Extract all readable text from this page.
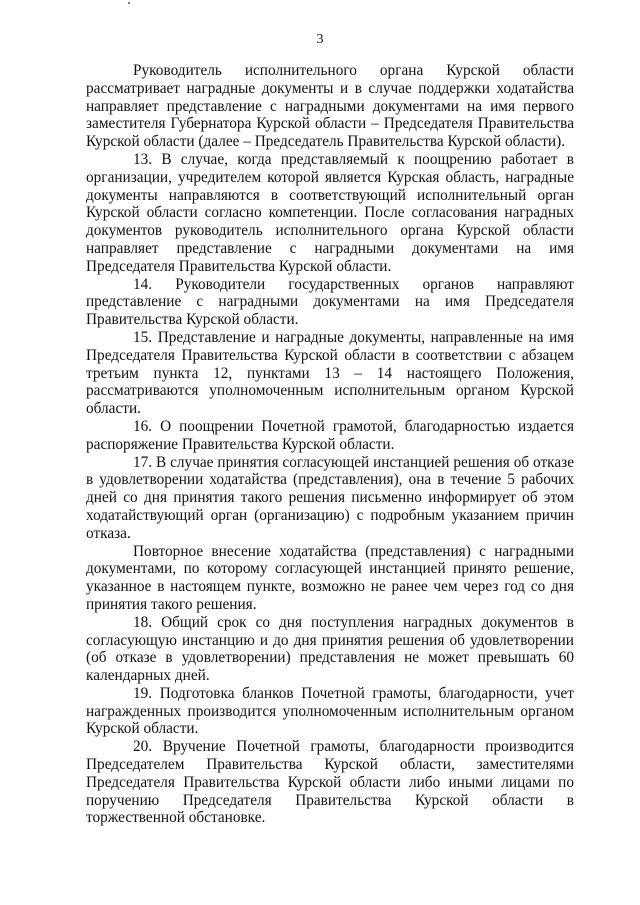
3

Руководитель исполнительного органа Курской области рассматривает наградные документы и в случае поддержки ходатайства направляет представление с наградными документами на имя первого заместителя Губернатора Курской области – Председателя Правительства Курской области (далее – Председатель Правительства Курской области).

13. В случае, когда представляемый к поощрению работает в организации, учредителем которой является Курская область, наградные документы направляются в соответствующий исполнительный орган Курской области согласно компетенции. После согласования наградных документов руководитель исполнительного органа Курской области направляет представление с наградными документами на имя Председателя Правительства Курской области.

14. Руководители государственных органов направляют представление с наградными документами на имя Председателя Правительства Курской области.

15. Представление и наградные документы, направленные на имя Председателя Правительства Курской области в соответствии с абзацем третьим пункта 12, пунктами 13 – 14 настоящего Положения, рассматриваются уполномоченным исполнительным органом Курской области.

16. О поощрении Почетной грамотой, благодарностью издается распоряжение Правительства Курской области.

17. В случае принятия согласующей инстанцией решения об отказе в удовлетворении ходатайства (представления), она в течение 5 рабочих дней со дня принятия такого решения письменно информирует об этом ходатайствующий орган (организацию) с подробным указанием причин отказа.

Повторное внесение ходатайства (представления) с наградными документами, по которому согласующей инстанцией принято решение, указанное в настоящем пункте, возможно не ранее чем через год со дня принятия такого решения.

18. Общий срок со дня поступления наградных документов в согласующую инстанцию и до дня принятия решения об удовлетворении (об отказе в удовлетворении) представления не может превышать 60 календарных дней.

19. Подготовка бланков Почетной грамоты, благодарности, учет награжденных производится уполномоченным исполнительным органом Курской области.

20. Вручение Почетной грамоты, благодарности производится Председателем Правительства Курской области, заместителями Председателя Правительства Курской области либо иными лицами по поручению Председателя Правительства Курской области в торжественной обстановке.
